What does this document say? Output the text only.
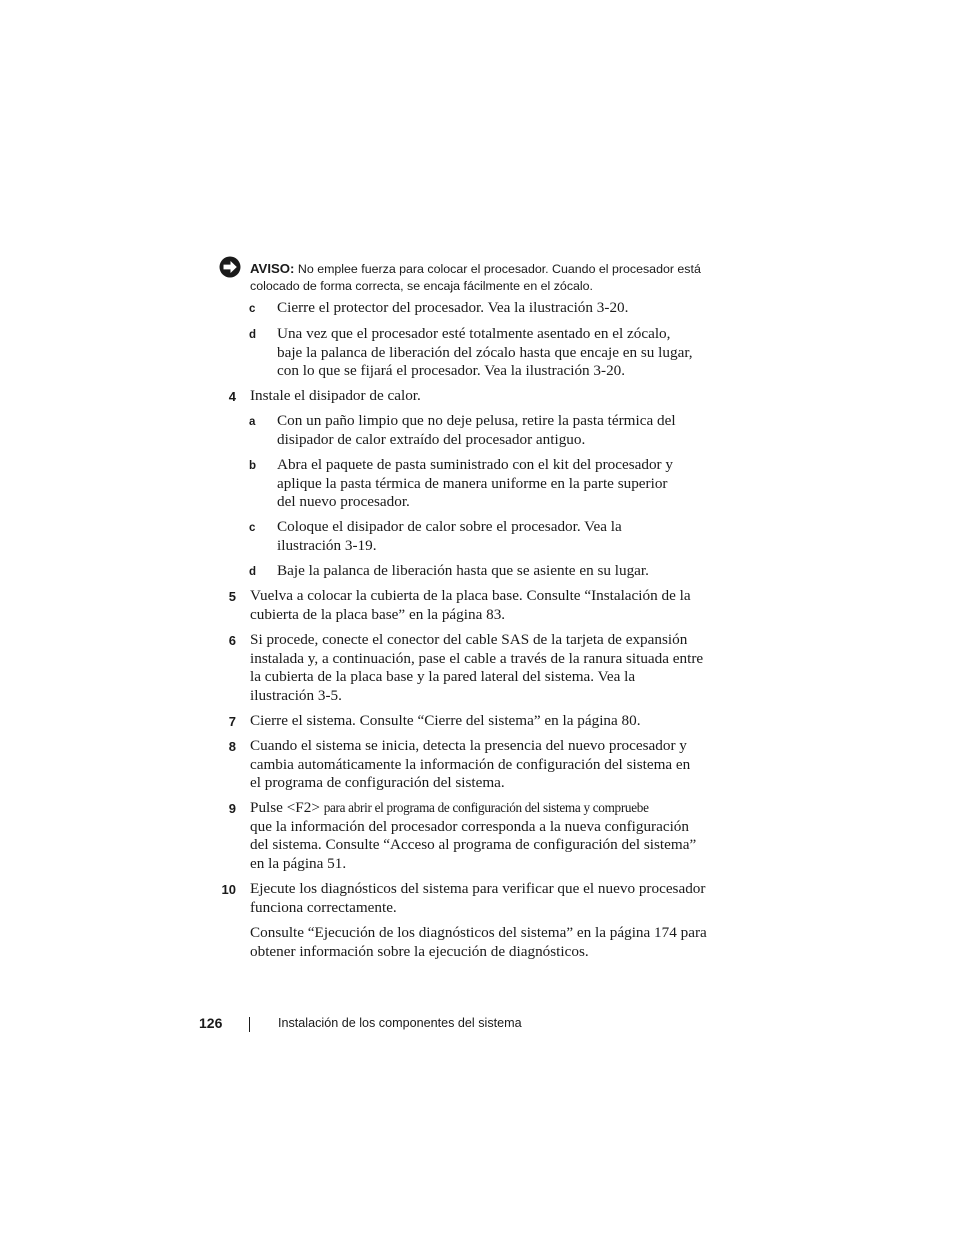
AVISO: No emplee fuerza para colocar el procesador. Cuando el procesador está
colocado de forma correcta, se encaja fácilmente en el zócalo.
c Cierre el protector del procesador. Vea la ilustración 3-20.
d Una vez que el procesador esté totalmente asentado en el zócalo,
baje la palanca de liberación del zócalo hasta que encaje en su lugar,
con lo que se fijará el procesador. Vea la ilustración 3-20.
4 Instale el disipador de calor.
a Con un paño limpio que no deje pelusa, retire la pasta térmica del
disipador de calor extraído del procesador antiguo.
b Abra el paquete de pasta suministrado con el kit del procesador y
aplique la pasta térmica de manera uniforme en la parte superior
del nuevo procesador.
c Coloque el disipador de calor sobre el procesador. Vea la
ilustración 3-19.
d Baje la palanca de liberación hasta que se asiente en su lugar.
5 Vuelva a colocar la cubierta de la placa base. Consulte “Instalación de la
cubierta de la placa base” en la página 83.
6 Si procede, conecte el conector del cable SAS de la tarjeta de expansión
instalada y, a continuación, pase el cable a través de la ranura situada entre
la cubierta de la placa base y la pared lateral del sistema. Vea la
ilustración 3-5.
7 Cierre el sistema. Consulte “Cierre del sistema” en la página 80.
8 Cuando el sistema se inicia, detecta la presencia del nuevo procesador y
cambia automáticamente la información de configuración del sistema en
el programa de configuración del sistema.
9 Pulse <F2> para abrir el programa de configuración del sistema y compruebe
que la información del procesador corresponda a la nueva configuración
del sistema. Consulte “Acceso al programa de configuración del sistema”
en la página 51.
10 Ejecute los diagnósticos del sistema para verificar que el nuevo procesador
funciona correctamente.
Consulte “Ejecución de los diagnósticos del sistema” en la página 174 para
obtener información sobre la ejecución de diagnósticos.
126	Instalación de los componentes del sistema
